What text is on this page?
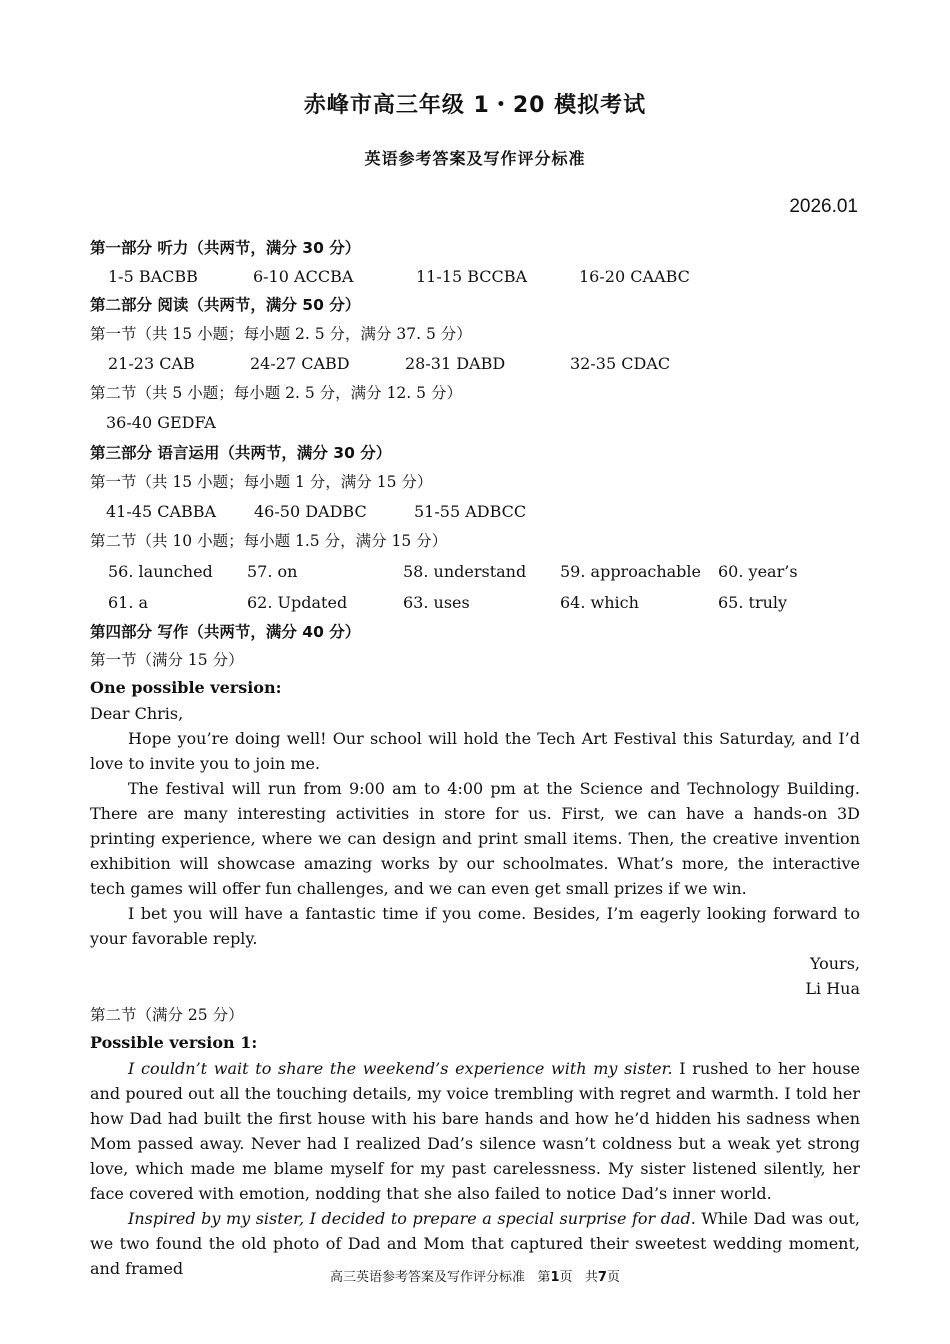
赤峰市高三年级 1・20 模拟考试
英语参考答案及写作评分标准
2026.01
第一部分 听力（共两节，满分 30 分）
1-5 BACBB	6-10 ACCBA	11-15 BCCBA	16-20 CAABC
第二部分 阅读（共两节，满分 50 分）
第一节（共 15 小题；每小题 2. 5 分，满分 37. 5 分）
21-23 CAB	24-27 CABD	28-31 DABD	32-35 CDAC
第二节（共 5 小题；每小题 2. 5 分，满分 12. 5 分）
36-40 GEDFA
第三部分 语言运用（共两节，满分 30 分）
第一节（共 15 小题；每小题 1 分，满分 15 分）
41-45 CABBA	46-50 DADBC	51-55 ADBCC
第二节（共 10 小题；每小题 1.5 分，满分 15 分）
56. launched	57. on	58. understand	59. approachable	60. year’s
61. a	62. Updated	63. uses	64. which	65. truly
第四部分 写作（共两节，满分 40 分）
第一节（满分 15 分）
One possible version:
Dear Chris,

Hope you’re doing well! Our school will hold the Tech Art Festival this Saturday, and I’d love to invite you to join me.

The festival will run from 9:00 am to 4:00 pm at the Science and Technology Building. There are many interesting activities in store for us. First, we can have a hands-on 3D printing experience, where we can design and print small items. Then, the creative invention exhibition will showcase amazing works by our schoolmates. What’s more, the interactive tech games will offer fun challenges, and we can even get small prizes if we win.

I bet you will have a fantastic time if you come. Besides, I’m eagerly looking forward to your favorable reply.

Yours,
Li Hua
第二节（满分 25 分）
Possible version 1:

I couldn’t wait to share the weekend’s experience with my sister. I rushed to her house and poured out all the touching details, my voice trembling with regret and warmth. I told her how Dad had built the first house with his bare hands and how he’d hidden his sadness when Mom passed away. Never had I realized Dad’s silence wasn’t coldness but a weak yet strong love, which made me blame myself for my past carelessness. My sister listened silently, her face covered with emotion, nodding that she also failed to notice Dad’s inner world.

Inspired by my sister, I decided to prepare a special surprise for dad. While Dad was out, we two found the old photo of Dad and Mom that captured their sweetest wedding moment, and framed	高三英语参考答案及写作评分标准 第1页 共7页
